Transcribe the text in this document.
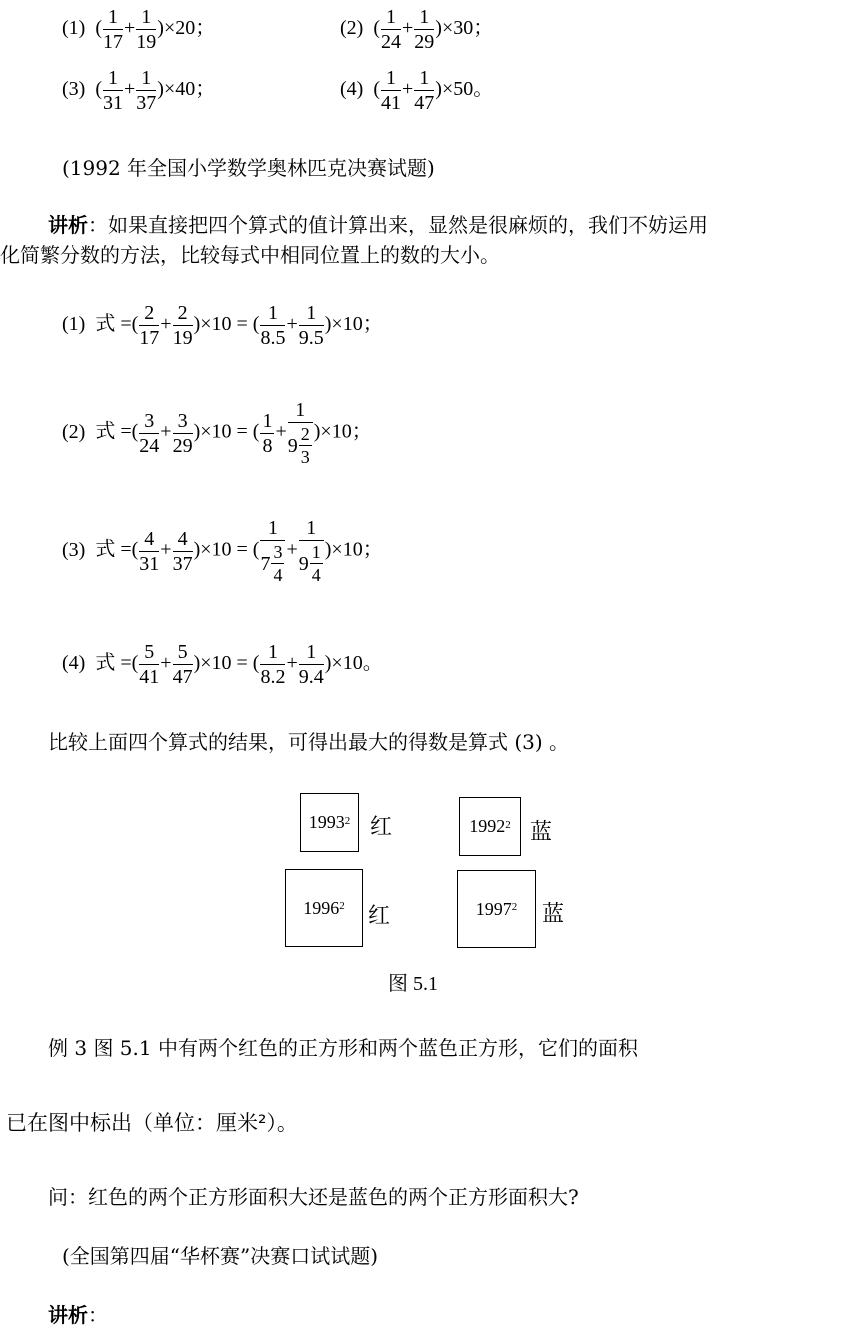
(1) ( $\frac{1}{17} + \frac{1}{19} )\times 20$；	(2) ( $\frac{1}{24} + \frac{1}{29} )\times 30$；
(3) ( $\frac{1}{31} + \frac{1}{37} )\times 40$；	(4) ( $\frac{1}{41} + \frac{1}{47} )\times 50$。
(1992 年全国小学数学奥林匹克决赛试题)
讲析：如果直接把四个算式的值计算出来，显然是很麻烦的，我们不妨运用
化简繁分数的方法，比较每式中相同位置上的数的大小。
(1) 式 =( $\frac{2}{17} + \frac{2}{19} )\times 10$ = ( $\frac{1}{8.5} + \frac{1}{9.5} )\times 10$；
(2) 式 =( $\frac{3}{24} + \frac{3}{29} )\times 10$ = ( $\frac{1}{8} + 1$
9
2
3 )×10；
(3) 式 =( $\frac{4}{31} + \frac{4}{37} )\times 10$ = ( 1
7
3
4 + 1
9
1
4 )×10；
(4) 式 =( $\frac{5}{41} + \frac{5}{47} )\times 10$ = ( $\frac{1}{8.2} + \frac{1}{9.4} )\times 10$。
比较上面四个算式的结果，可得出最大的得数是算式 (3) 。
1993$^2$ 红	1992$^2$ 蓝
1996$^2$ 红	1997$^2$ 蓝
图 5.1
例 3 图 5.1 中有两个红色的正方形和两个蓝色正方形，它们的面积
已在图中标出（单位：厘米²）。
问：红色的两个正方形面积大还是蓝色的两个正方形面积大?
(全国第四届“华杯赛”决赛口试试题)
讲析：
